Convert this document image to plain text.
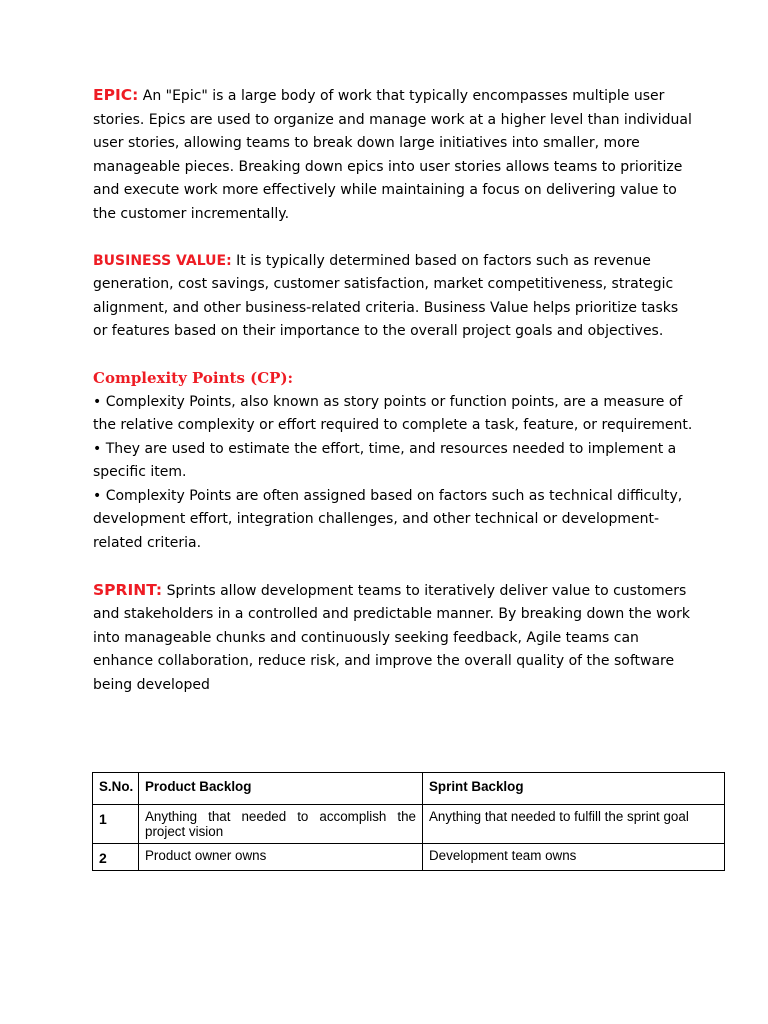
EPIC: An "Epic" is a large body of work that typically encompasses multiple user stories. Epics are used to organize and manage work at a higher level than individual user stories, allowing teams to break down large initiatives into smaller, more manageable pieces. Breaking down epics into user stories allows teams to prioritize and execute work more effectively while maintaining a focus on delivering value to the customer incrementally.

BUSINESS VALUE: It is typically determined based on factors such as revenue generation, cost savings, customer satisfaction, market competitiveness, strategic alignment, and other business-related criteria. Business Value helps prioritize tasks or features based on their importance to the overall project goals and objectives.

Complexity Points (CP):
• Complexity Points, also known as story points or function points, are a measure of the relative complexity or effort required to complete a task, feature, or requirement.
• They are used to estimate the effort, time, and resources needed to implement a specific item.
• Complexity Points are often assigned based on factors such as technical difficulty, development effort, integration challenges, and other technical or development-related criteria.

SPRINT: Sprints allow development teams to iteratively deliver value to customers and stakeholders in a controlled and predictable manner. By breaking down the work into manageable chunks and continuously seeking feedback, Agile teams can enhance collaboration, reduce risk, and improve the overall quality of the software being developed

S.No.	Product Backlog	Sprint Backlog
1	Anything that needed to accomplish the project vision	Anything that needed to fulfill the sprint goal
2	Product owner owns	Development team owns
